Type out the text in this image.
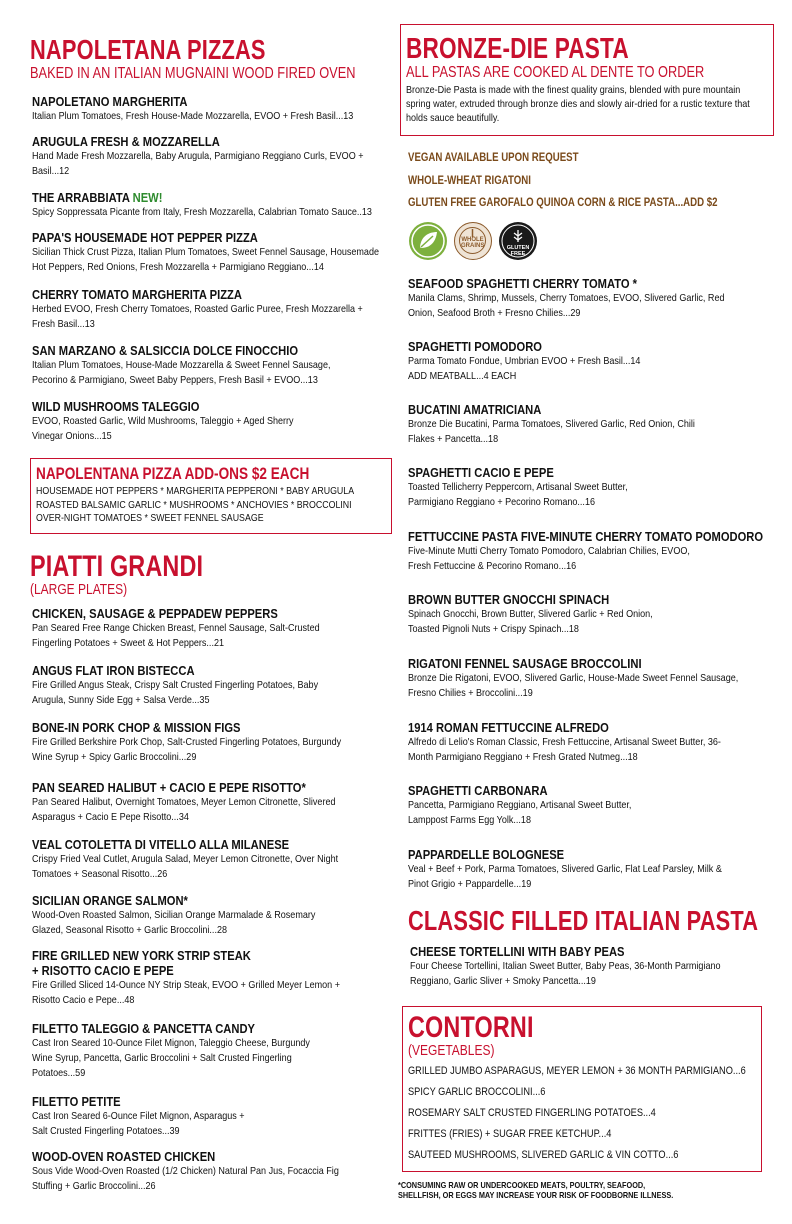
NAPOLETANA PIZZAS
BAKED IN AN ITALIAN MUGNAINI WOOD FIRED OVEN
NAPOLETANO MARGHERITA
Italian Plum Tomatoes, Fresh House-Made Mozzarella, EVOO + Fresh Basil...13
ARUGULA FRESH & MOZZARELLA
Hand Made Fresh Mozzarella, Baby Arugula, Parmigiano Reggiano Curls, EVOO + Basil...12
THE ARRABBIATA NEW!
Spicy Soppressata Picante from Italy, Fresh Mozzarella, Calabrian Tomato Sauce..13
PAPA'S HOUSEMADE HOT PEPPER PIZZA
Sicilian Thick Crust Pizza, Italian Plum Tomatoes, Sweet Fennel Sausage, Housemade Hot Peppers, Red Onions, Fresh Mozzarella + Parmigiano Reggiano...14
CHERRY TOMATO MARGHERITA PIZZA
Herbed EVOO, Fresh Cherry Tomatoes, Roasted Garlic Puree, Fresh Mozzarella + Fresh Basil...13
SAN MARZANO & SALSICCIA DOLCE FINOCCHIO
Italian Plum Tomatoes, House-Made Mozzarella & Sweet Fennel Sausage, Pecorino & Parmigiano, Sweet Baby Peppers, Fresh Basil + EVOO...13
WILD MUSHROOMS TALEGGIO
EVOO, Roasted Garlic, Wild Mushrooms, Taleggio + Aged Sherry Vinegar Onions...15
NAPOLENTANA PIZZA ADD-ONS $2 EACH
HOUSEMADE HOT PEPPERS * MARGHERITA PEPPERONI * BABY ARUGULA
ROASTED BALSAMIC GARLIC * MUSHROOMS * ANCHOVIES * BROCCOLINI
OVER-NIGHT TOMATOES * SWEET FENNEL SAUSAGE
PIATTI GRANDI
(LARGE PLATES)
CHICKEN, SAUSAGE & PEPPADEW PEPPERS
Pan Seared Free Range Chicken Breast, Fennel Sausage, Salt-Crusted Fingerling Potatoes + Sweet & Hot Peppers...21
ANGUS FLAT IRON BISTECCA
Fire Grilled Angus Steak, Crispy Salt Crusted Fingerling Potatoes, Baby Arugula, Sunny Side Egg + Salsa Verde...35
BONE-IN PORK CHOP & MISSION FIGS
Fire Grilled Berkshire Pork Chop, Salt-Crusted Fingerling Potatoes, Burgundy Wine Syrup + Spicy Garlic Broccolini...29
PAN SEARED HALIBUT + CACIO E PEPE RISOTTO*
Pan Seared Halibut, Overnight Tomatoes, Meyer Lemon Citronette, Slivered Asparagus + Cacio E Pepe Risotto...34
VEAL COTOLETTA DI VITELLO ALLA MILANESE
Crispy Fried Veal Cutlet, Arugula Salad, Meyer Lemon Citronette, Over Night Tomatoes + Seasonal Risotto...26
SICILIAN ORANGE SALMON*
Wood-Oven Roasted Salmon, Sicilian Orange Marmalade & Rosemary Glazed, Seasonal Risotto + Garlic Broccolini...28
FIRE GRILLED NEW YORK STRIP STEAK
+ RISOTTO CACIO E PEPE
Fire Grilled Sliced 14-Ounce NY Strip Steak, EVOO + Grilled Meyer Lemon + Risotto Cacio e Pepe...48
FILETTO TALEGGIO & PANCETTA CANDY
Cast Iron Seared 10-Ounce Filet Mignon, Taleggio Cheese, Burgundy Wine Syrup, Pancetta, Garlic Broccolini + Salt Crusted Fingerling Potatoes...59
FILETTO PETITE
Cast Iron Seared 6-Ounce Filet Mignon, Asparagus + Salt Crusted Fingerling Potatoes...39
WOOD-OVEN ROASTED CHICKEN
Sous Vide Wood-Oven Roasted (1/2 Chicken) Natural Pan Jus, Focaccia Fig Stuffing + Garlic Broccolini...26
BRONZE-DIE PASTA
ALL PASTAS ARE COOKED AL DENTE TO ORDER
Bronze-Die Pasta is made with the finest quality grains, blended with pure mountain spring water, extruded through bronze dies and slowly air-dried for a rustic texture that holds sauce beautifully.
VEGAN AVAILABLE UPON REQUEST
WHOLE-WHEAT RIGATONI
GLUTEN FREE GAROFALO QUINOA CORN & RICE PASTA...ADD $2
WHOLE GRAINS	GLUTEN FREE
SEAFOOD SPAGHETTI CHERRY TOMATO *
Manila Clams, Shrimp, Mussels, Cherry Tomatoes, EVOO, Slivered Garlic, Red Onion, Seafood Broth + Fresno Chilies...29
SPAGHETTI POMODORO
Parma Tomato Fondue, Umbrian EVOO + Fresh Basil...14
ADD MEATBALL...4 EACH
BUCATINI AMATRICIANA
Bronze Die Bucatini, Parma Tomatoes, Slivered Garlic, Red Onion, Chili Flakes + Pancetta...18
SPAGHETTI CACIO E PEPE
Toasted Tellicherry Peppercorn, Artisanal Sweet Butter, Parmigiano Reggiano + Pecorino Romano...16
FETTUCCINE PASTA FIVE-MINUTE CHERRY TOMATO POMODORO
Five-Minute Mutti Cherry Tomato Pomodoro, Calabrian Chilies, EVOO, Fresh Fettuccine & Pecorino Romano...16
BROWN BUTTER GNOCCHI SPINACH
Spinach Gnocchi, Brown Butter, Slivered Garlic + Red Onion, Toasted Pignoli Nuts + Crispy Spinach...18
RIGATONI FENNEL SAUSAGE BROCCOLINI
Bronze Die Rigatoni, EVOO, Slivered Garlic, House-Made Sweet Fennel Sausage, Fresno Chilies + Broccolini...19
1914 ROMAN FETTUCCINE ALFREDO
Alfredo di Lelio's Roman Classic, Fresh Fettuccine, Artisanal Sweet Butter, 36-Month Parmigiano Reggiano + Fresh Grated Nutmeg...18
SPAGHETTI CARBONARA
Pancetta, Parmigiano Reggiano, Artisanal Sweet Butter, Lamppost Farms Egg Yolk...18
PAPPARDELLE BOLOGNESE
Veal + Beef + Pork, Parma Tomatoes, Slivered Garlic, Flat Leaf Parsley, Milk & Pinot Grigio + Pappardelle...19
CLASSIC FILLED ITALIAN PASTA
CHEESE TORTELLINI WITH BABY PEAS
Four Cheese Tortellini, Italian Sweet Butter, Baby Peas, 36-Month Parmigiano Reggiano, Garlic Sliver + Smoky Pancetta...19
CONTORNI
(VEGETABLES)
GRILLED JUMBO ASPARAGUS, MEYER LEMON + 36 MONTH PARMIGIANO...6
SPICY GARLIC BROCCOLINI...6
ROSEMARY SALT CRUSTED FINGERLING POTATOES...4
FRITTES (FRIES) + SUGAR FREE KETCHUP...4
SAUTEED MUSHROOMS, SLIVERED GARLIC & VIN COTTO...6
*CONSUMING RAW OR UNDERCOOKED MEATS, POULTRY, SEAFOOD,
SHELLFISH, OR EGGS MAY INCREASE YOUR RISK OF FOODBORNE ILLNESS.
